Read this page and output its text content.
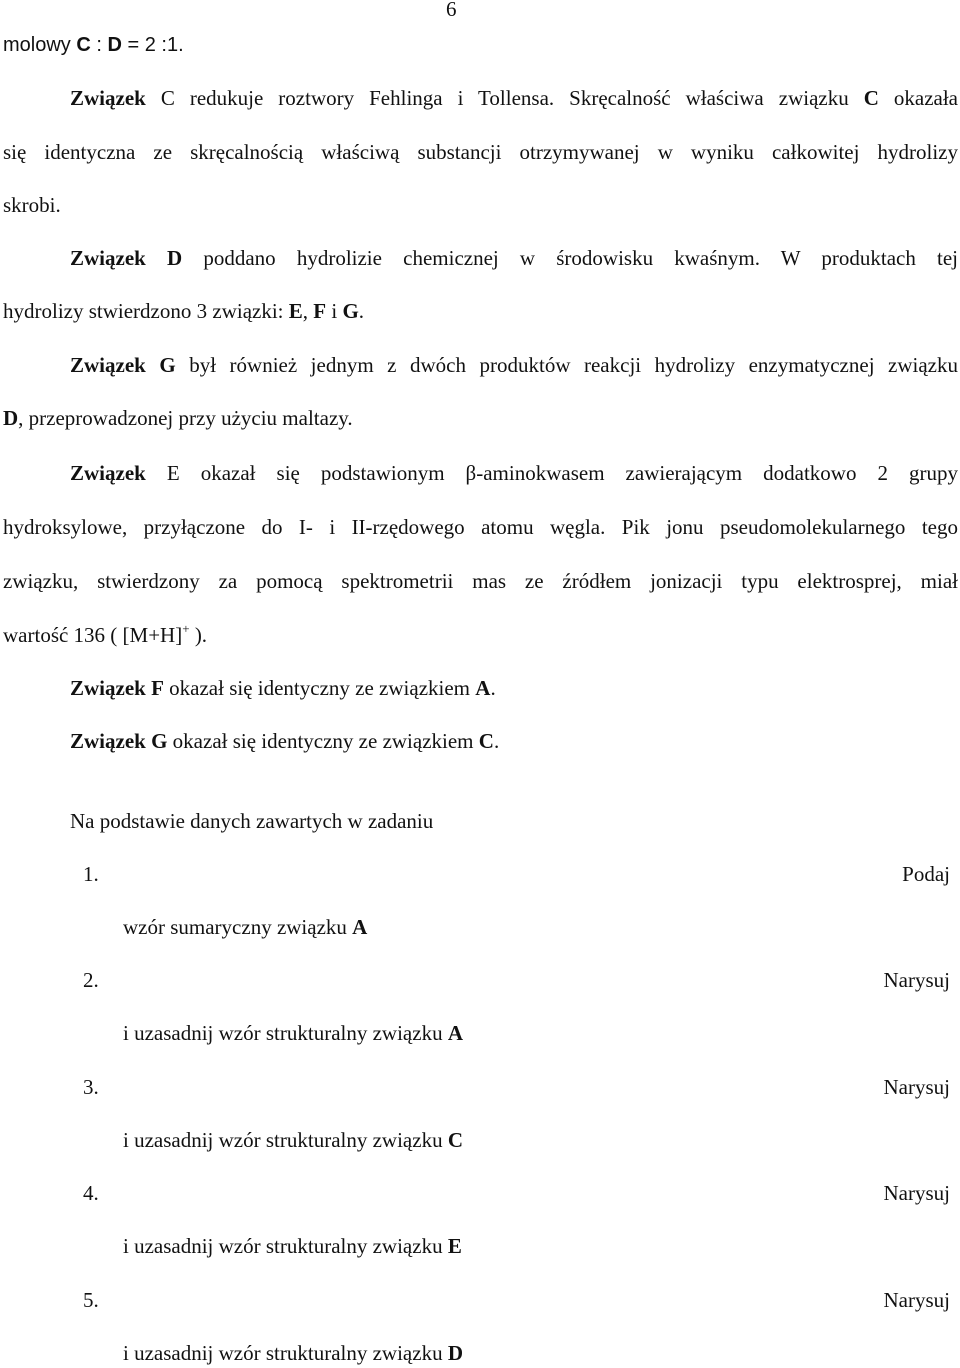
6
molowy C : D = 2 :1.
Związek C redukuje roztwory Fehlinga i Tollensa. Skręcalność właściwa związku C okazała
się identyczna ze skręcalnością właściwą substancji otrzymywanej w wyniku całkowitej hydrolizy
skrobi.
Związek D poddano hydrolizie chemicznej w środowisku kwaśnym. W produktach tej
hydrolizy stwierdzono 3 związki: E, F i G.
Związek G był również jednym z dwóch produktów reakcji hydrolizy enzymatycznej związku
D, przeprowadzonej przy użyciu maltazy.
Związek E okazał się podstawionym β-aminokwasem zawierającym dodatkowo 2 grupy
hydroksylowe, przyłączone do I- i II-rzędowego atomu węgla. Pik jonu pseudomolekularnego tego
związku, stwierdzony za pomocą spektrometrii mas ze źródłem jonizacji typu elektrosprej, miał
wartość 136 ( [M+H]+ ).
Związek F okazał się identyczny ze związkiem A.
Związek G okazał się identyczny ze związkiem C.
Na podstawie danych zawartych w zadaniu
1.	Podaj
wzór sumaryczny związku A
2.	Narysuj
i uzasadnij wzór strukturalny związku A
3.	Narysuj
i uzasadnij wzór strukturalny związku C
4.	Narysuj
i uzasadnij wzór strukturalny związku E
5.	Narysuj
i uzasadnij wzór strukturalny związku D
